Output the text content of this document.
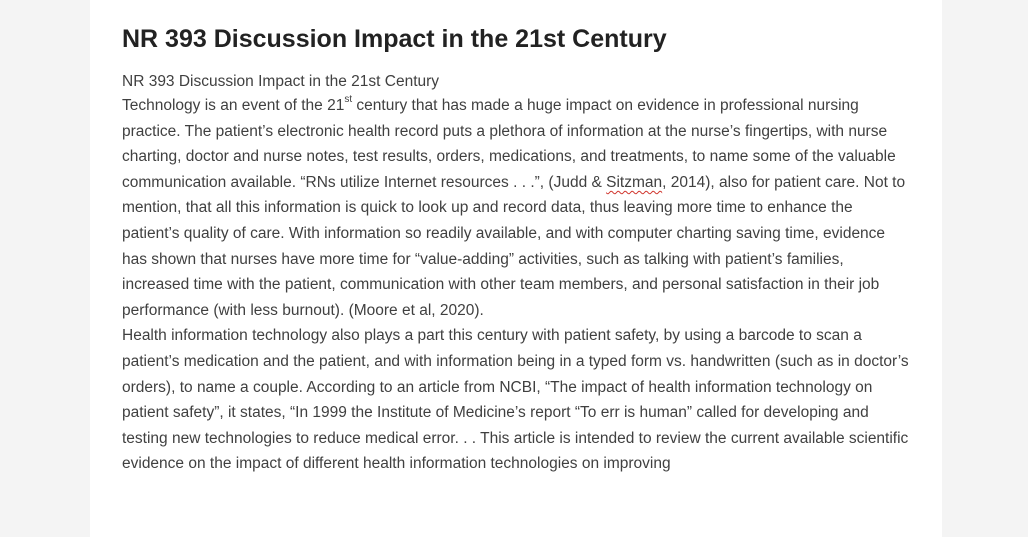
NR 393 Discussion Impact in the 21st Century
NR 393 Discussion Impact in the 21st Century

Technology is an event of the 21st century that has made a huge impact on evidence in professional nursing practice. The patient’s electronic health record puts a plethora of information at the nurse’s fingertips, with nurse charting, doctor and nurse notes, test results, orders, medications, and treatments, to name some of the valuable communication available. “RNs utilize Internet resources . . .”, (Judd & Sitzman, 2014), also for patient care. Not to mention, that all this information is quick to look up and record data, thus leaving more time to enhance the patient’s quality of care. With information so readily available, and with computer charting saving time, evidence has shown that nurses have more time for “value-adding” activities, such as talking with patient’s families, increased time with the patient, communication with other team members, and personal satisfaction in their job performance (with less burnout). (Moore et al, 2020).

Health information technology also plays a part this century with patient safety, by using a barcode to scan a patient’s medication and the patient, and with information being in a typed form vs. handwritten (such as in doctor’s orders), to name a couple. According to an article from NCBI, “The impact of health information technology on patient safety”, it states, “In 1999 the Institute of Medicine’s report “To err is human” called for developing and testing new technologies to reduce medical error. . . This article is intended to review the current available scientific evidence on the impact of different health information technologies on improving
